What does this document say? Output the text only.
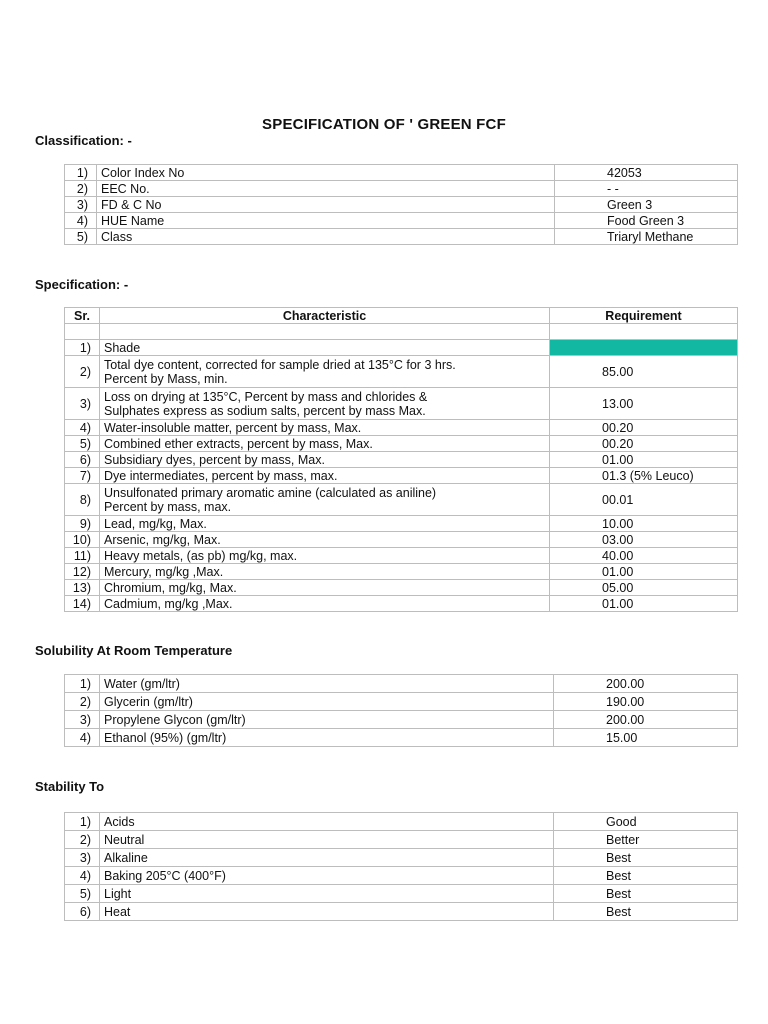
SPECIFICATION OF ' GREEN FCF
Classification: -
1)	Color Index No	42053
2)	EEC No.	- -
3)	FD & C No	Green 3
4)	HUE Name	Food Green 3
5)	Class	Triaryl Methane
Specification: -
Sr.	Characteristic	Requirement

1)	Shade	

2)	Total dye content, corrected for sample dried at 135°C for 3 hrs.
Percent by Mass, min.	85.00
3)	Loss on drying at 135°C, Percent by mass and chlorides &
Sulphates express as sodium salts, percent by mass Max.	13.00
4)	Water-insoluble matter, percent by mass, Max.	00.20
5)	Combined ether extracts, percent by mass, Max.	00.20
6)	Subsidiary dyes, percent by mass, Max.	01.00
7)	Dye intermediates, percent by mass, max.	01.3 (5% Leuco)
8)	Unsulfonated primary aromatic amine (calculated as aniline)
Percent by mass, max.	00.01
9)	Lead, mg/kg, Max.	10.00
10)	Arsenic, mg/kg, Max.	03.00
11)	Heavy metals, (as pb) mg/kg, max.	40.00
12)	Mercury, mg/kg ,Max.	01.00
13)	Chromium, mg/kg, Max.	05.00
14)	Cadmium, mg/kg ,Max.	01.00
Solubility At Room Temperature
1)	Water (gm/ltr)	200.00
2)	Glycerin (gm/ltr)	190.00
3)	Propylene Glycon (gm/ltr)	200.00
4)	Ethanol (95%) (gm/ltr)	15.00
Stability To
1)	Acids	Good
2)	Neutral	Better
3)	Alkaline	Best
4)	Baking 205°C (400°F)	Best
5)	Light	Best
6)	Heat	Best
